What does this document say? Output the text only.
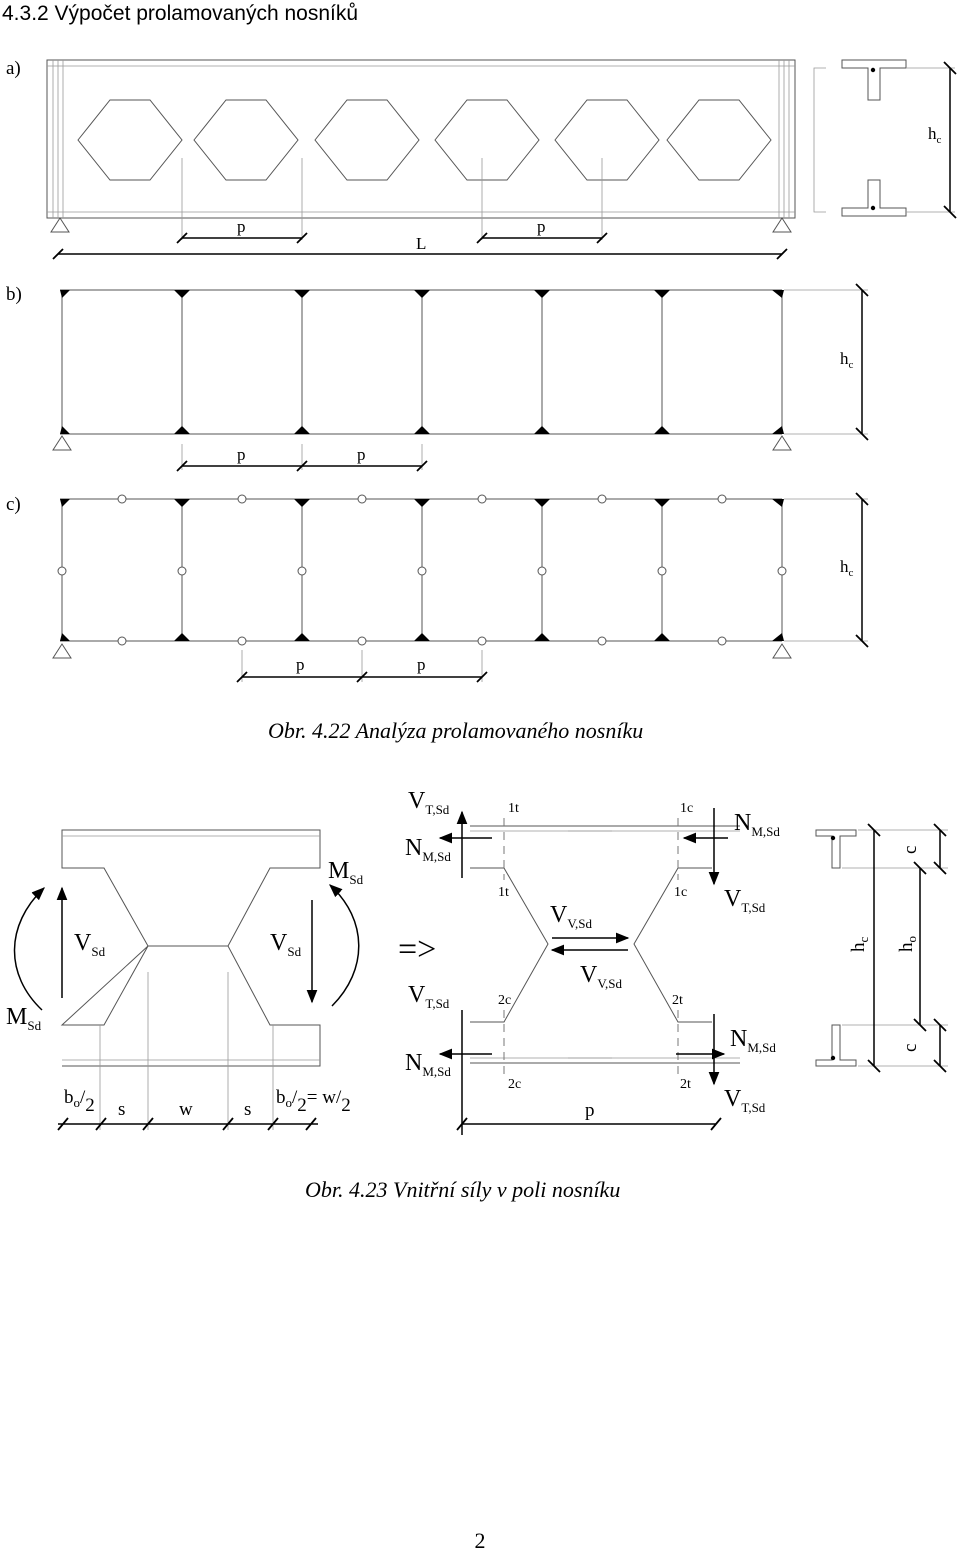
4.3.2 Výpočet prolamovaných nosníků
a)
p	p
L
$h_c$
b)
p	p
$h_c$
c)
p	p
$h_c$
$V_{Sd}$	$V_{Sd}$
$M_{Sd}$
$M_{Sd}$
$b_o/2$ s	w	s
$b_o/2= w/2$
=>
$V_{T,Sd}$
$N_{M,Sd}$
$N_{M,Sd}$
$V_{T,Sd}$
$V_{V,Sd}$
$V_{V,Sd}$
$V_{T,Sd}$
$N_{M,Sd}$
$N_{M,Sd}$
$V_{T,Sd}$
1t	1c
1t	1c
2c	2t
2c	2t
p
$h_c$
$h_o$
c
c
Obr. 4.22 Analýza prolamovaného nosníku
Obr. 4.23 Vnitřní síly v poli nosníku
2
